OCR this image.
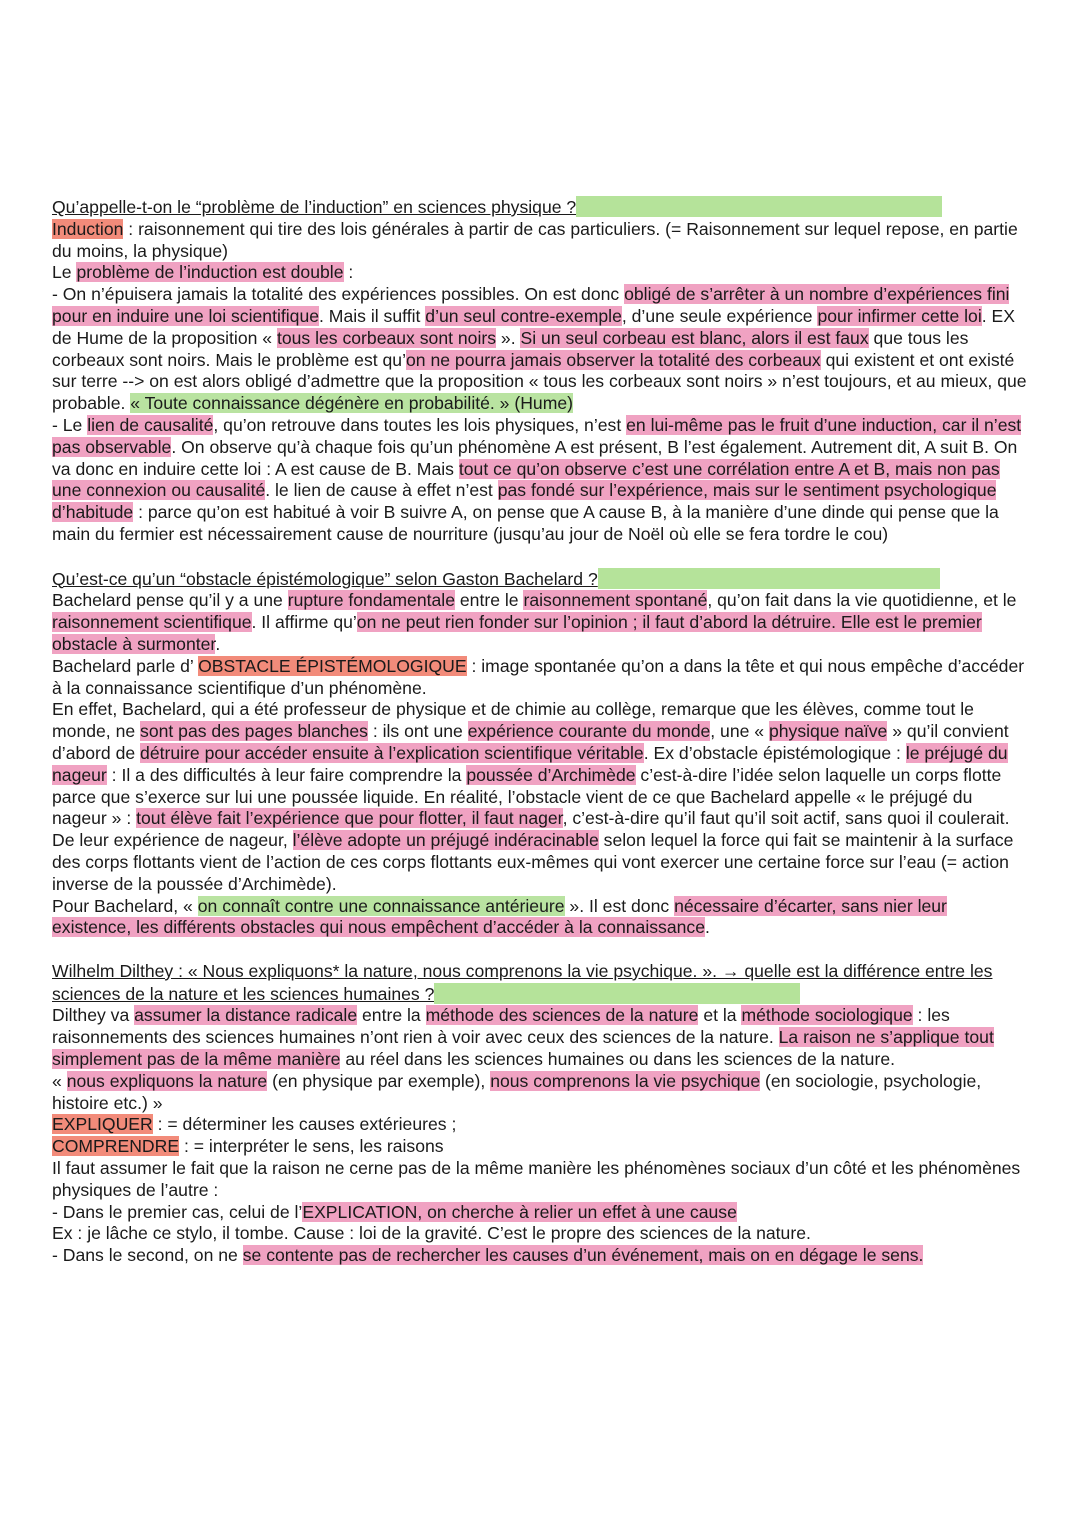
Qu’appelle-t-on le “problème de l’induction” en sciences physique ?

Induction : raisonnement qui tire des lois générales à partir de cas particuliers. (= Raisonnement sur lequel repose, en partie du moins, la physique)

Le problème de l’induction est double :

- On n’épuisera jamais la totalité des expériences possibles. On est donc obligé de s’arrêter à un nombre d’expériences fini pour en induire une loi scientifique. Mais il suffit d’un seul contre-exemple, d’une seule expérience pour infirmer cette loi. EX de Hume de la proposition « tous les corbeaux sont noirs ». Si un seul corbeau est blanc, alors il est faux que tous les corbeaux sont noirs. Mais le problème est qu’on ne pourra jamais observer la totalité des corbeaux qui existent et ont existé sur terre --> on est alors obligé d’admettre que la proposition « tous les corbeaux sont noirs » n’est toujours, et au mieux, que probable. « Toute connaissance dégénère en probabilité. » (Hume)

- Le lien de causalité, qu’on retrouve dans toutes les lois physiques, n’est en lui-même pas le fruit d’une induction, car il n’est pas observable. On observe qu’à chaque fois qu’un phénomène A est présent, B l’est également. Autrement dit, A suit B. On va donc en induire cette loi : A est cause de B. Mais tout ce qu’on observe c’est une corrélation entre A et B, mais non pas une connexion ou causalité. le lien de cause à effet n’est pas fondé sur l’expérience, mais sur le sentiment psychologique d’habitude : parce qu’on est habitué à voir B suivre A, on pense que A cause B, à la manière d’une dinde qui pense que la main du fermier est nécessairement cause de nourriture (jusqu’au jour de Noël où elle se fera tordre le cou)

Qu’est-ce qu’un “obstacle épistémologique” selon Gaston Bachelard ?

Bachelard pense qu’il y a une rupture fondamentale entre le raisonnement spontané, qu’on fait dans la vie quotidienne, et le raisonnement scientifique. Il affirme qu’on ne peut rien fonder sur l’opinion ; il faut d’abord la détruire. Elle est le premier obstacle à surmonter.

Bachelard parle d’ OBSTACLE ÉPISTÉMOLOGIQUE : image spontanée qu’on a dans la tête et qui nous empêche d’accéder à la connaissance scientifique d’un phénomène.

En effet, Bachelard, qui a été professeur de physique et de chimie au collège, remarque que les élèves, comme tout le monde, ne sont pas des pages blanches : ils ont une expérience courante du monde, une « physique naïve » qu’il convient d’abord de détruire pour accéder ensuite à l’explication scientifique véritable. Ex d’obstacle épistémologique : le préjugé du nageur : Il a des difficultés à leur faire comprendre la poussée d’Archimède c’est-à-dire l’idée selon laquelle un corps flotte parce que s’exerce sur lui une poussée liquide. En réalité, l’obstacle vient de ce que Bachelard appelle « le préjugé du nageur » : tout élève fait l’expérience que pour flotter, il faut nager, c’est-à-dire qu’il faut qu’il soit actif, sans quoi il coulerait. De leur expérience de nageur, l’élève adopte un préjugé indéracinable selon lequel la force qui fait se maintenir à la surface des corps flottants vient de l’action de ces corps flottants eux-mêmes qui vont exercer une certaine force sur l’eau (= action inverse de la poussée d’Archimède).

Pour Bachelard, « on connaît contre une connaissance antérieure ». Il est donc nécessaire d’écarter, sans nier leur existence, les différents obstacles qui nous empêchent d’accéder à la connaissance.

Wilhelm Dilthey : « Nous expliquons* la nature, nous comprenons la vie psychique. ». → quelle est la différence entre les sciences de la nature et les sciences humaines ?

Dilthey va assumer la distance radicale entre la méthode des sciences de la nature et la méthode sociologique : les raisonnements des sciences humaines n’ont rien à voir avec ceux des sciences de la nature. La raison ne s’applique tout simplement pas de la même manière au réel dans les sciences humaines ou dans les sciences de la nature.

« nous expliquons la nature (en physique par exemple), nous comprenons la vie psychique (en sociologie, psychologie, histoire etc.) »

EXPLIQUER : = déterminer les causes extérieures ;

COMPRENDRE : = interpréter le sens, les raisons

Il faut assumer le fait que la raison ne cerne pas de la même manière les phénomènes sociaux d’un côté et les phénomènes physiques de l’autre :

- Dans le premier cas, celui de l’EXPLICATION, on cherche à relier un effet à une cause

Ex : je lâche ce stylo, il tombe. Cause : loi de la gravité. C’est le propre des sciences de la nature.

- Dans le second, on ne se contente pas de rechercher les causes d’un événement, mais on en dégage le sens.
